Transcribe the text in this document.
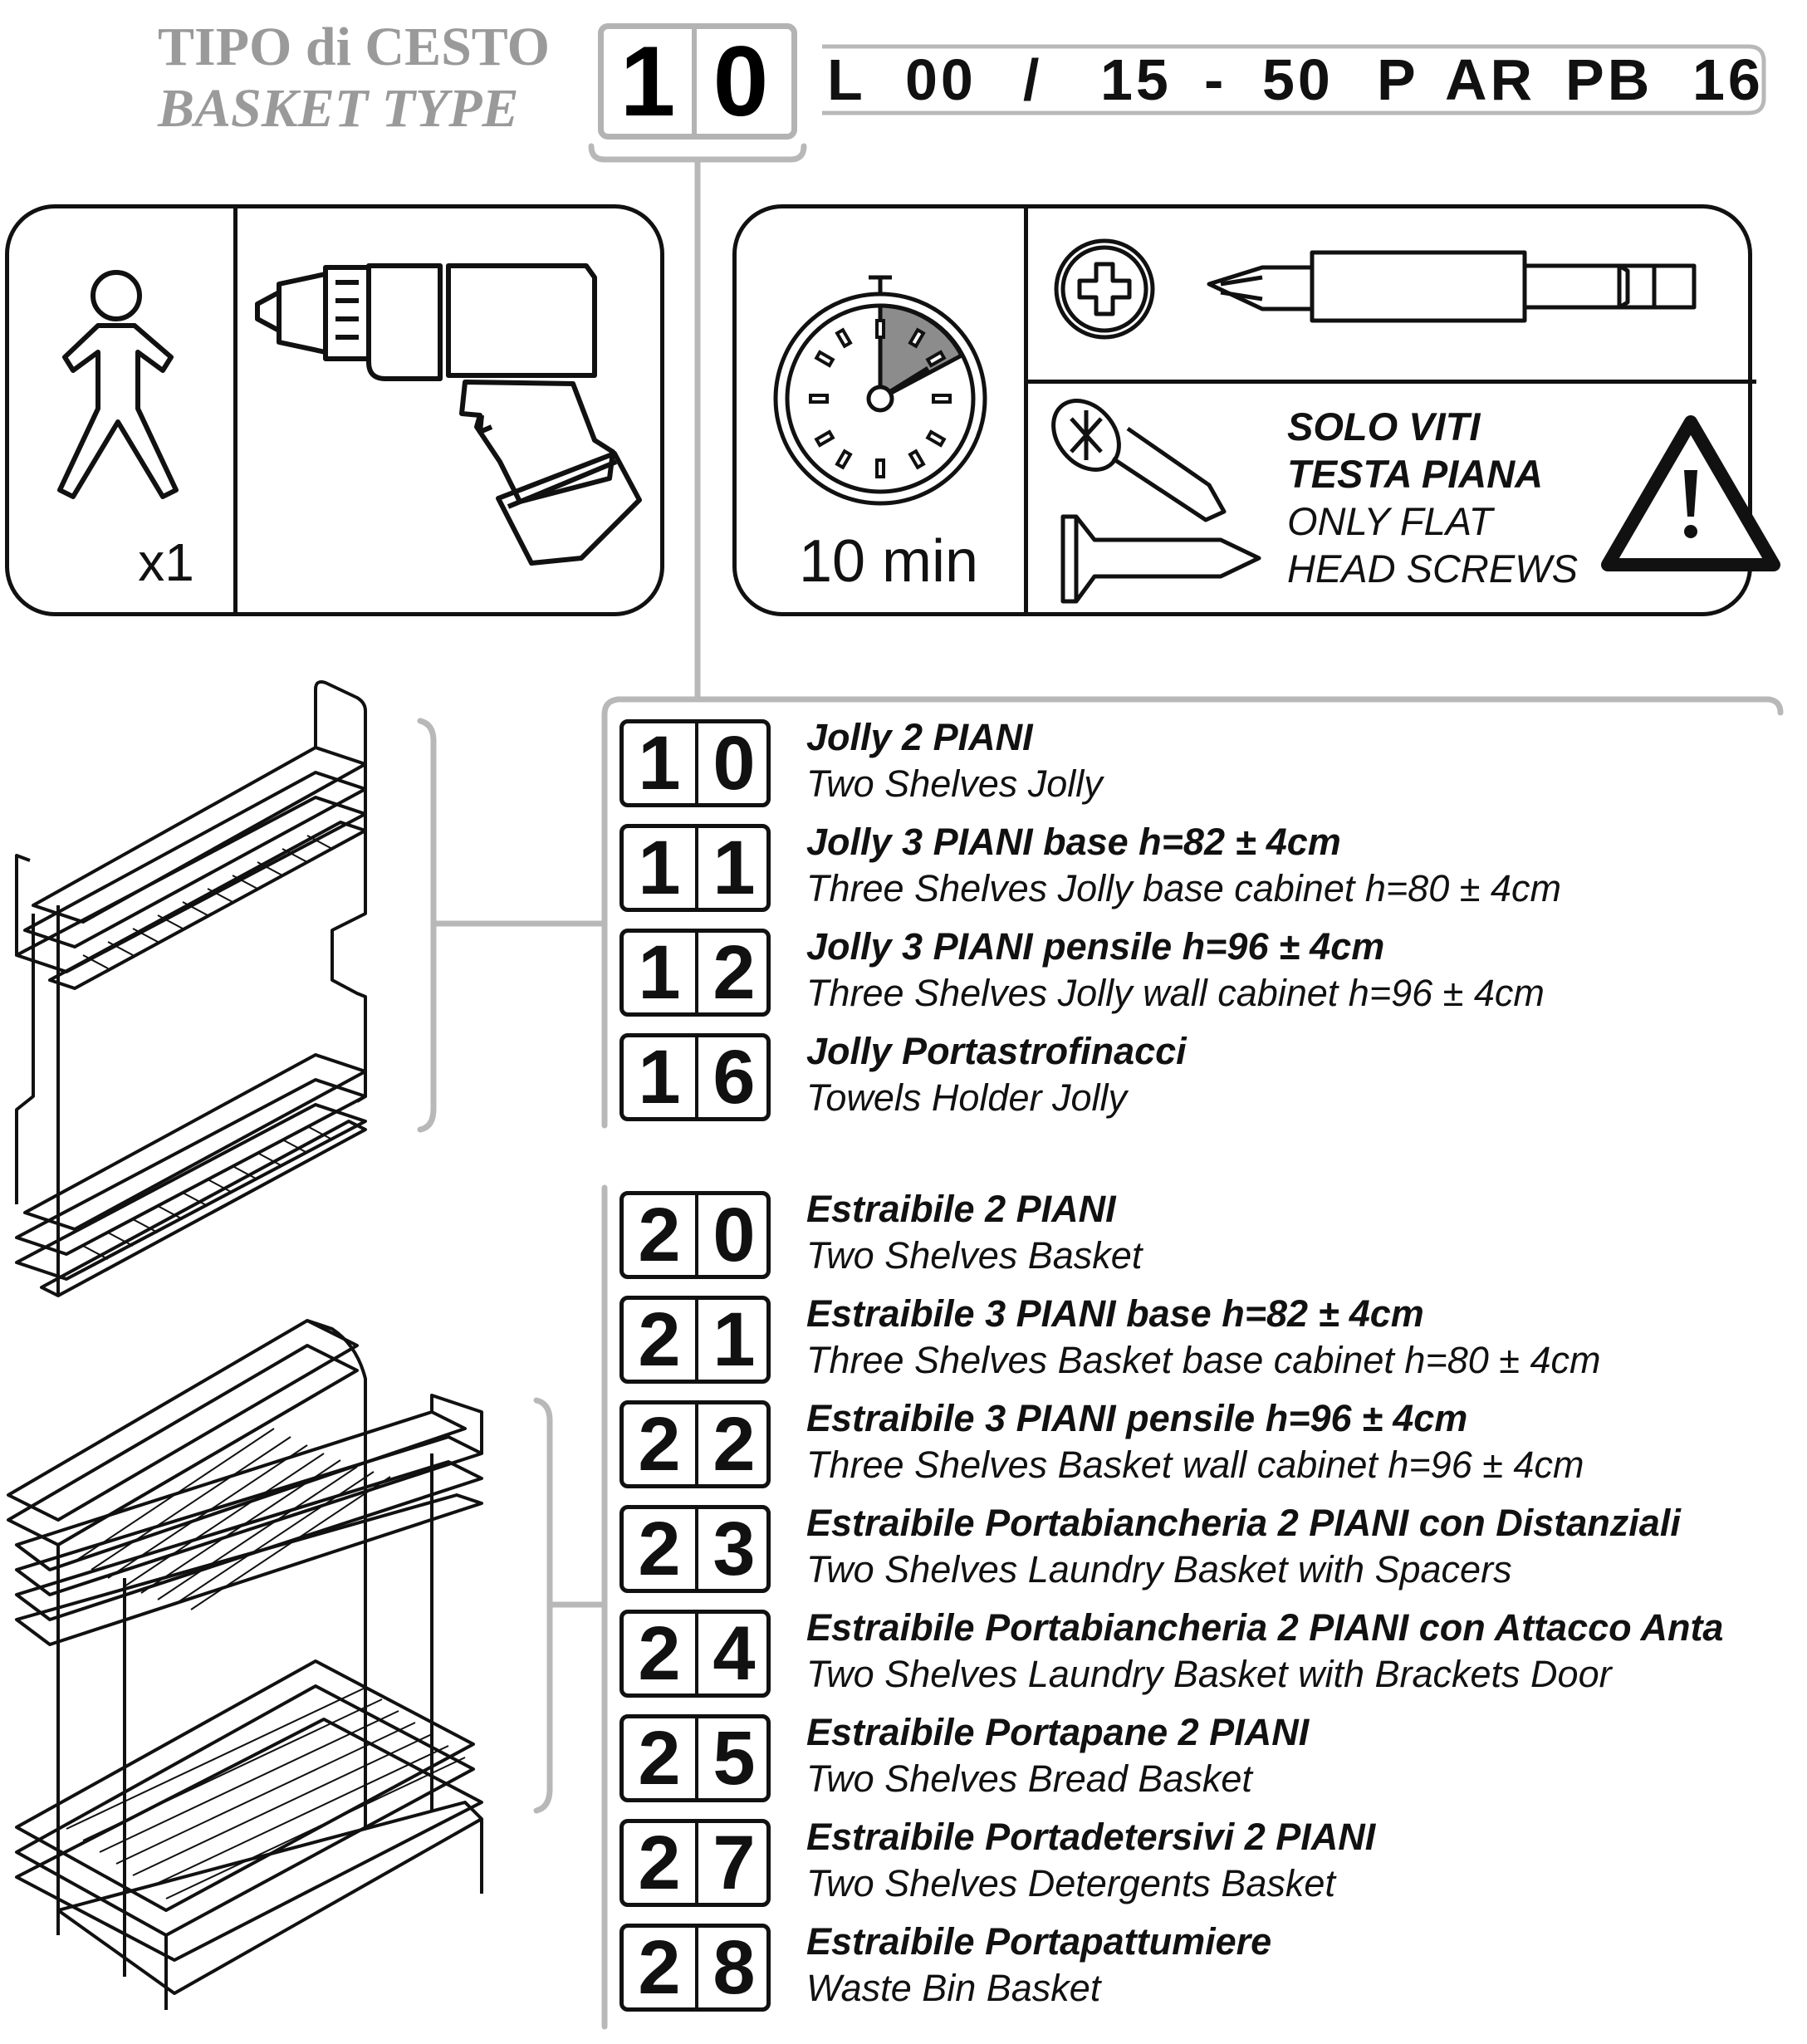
TIPO di CESTO
BASKET TYPE	1 0 L 00 / 15 - 50 P AR PB 16
x1	10 min
SOLO VITI
TESTA PIANA
ONLY FLAT
HEAD SCREWS
1 0	Jolly 2 PIANI
Two Shelves Jolly
1 1	Jolly 3 PIANI base h=82 ± 4cm
Three Shelves Jolly base cabinet h=80 ± 4cm
1 2	Jolly 3 PIANI pensile h=96 ± 4cm
Three Shelves Jolly wall cabinet h=96 ± 4cm
1 6	Jolly Portastrofinacci
Towels Holder Jolly
2 0	Estraibile 2 PIANI
Two Shelves Basket
2 1	Estraibile 3 PIANI base h=82 ± 4cm
Three Shelves Basket base cabinet h=80 ± 4cm
2 2	Estraibile 3 PIANI pensile h=96 ± 4cm
Three Shelves Basket wall cabinet h=96 ± 4cm
2 3	Estraibile Portabiancheria 2 PIANI con Distanziali
Two Shelves Laundry Basket with Spacers
2 4	Estraibile Portabiancheria 2 PIANI con Attacco Anta
Two Shelves Laundry Basket with Brackets Door
2 5	Estraibile Portapane 2 PIANI
Two Shelves Bread Basket
2 7	Estraibile Portadetersivi 2 PIANI
Two Shelves Detergents Basket
2 8	Estraibile Portapattumiere
Waste Bin Basket
